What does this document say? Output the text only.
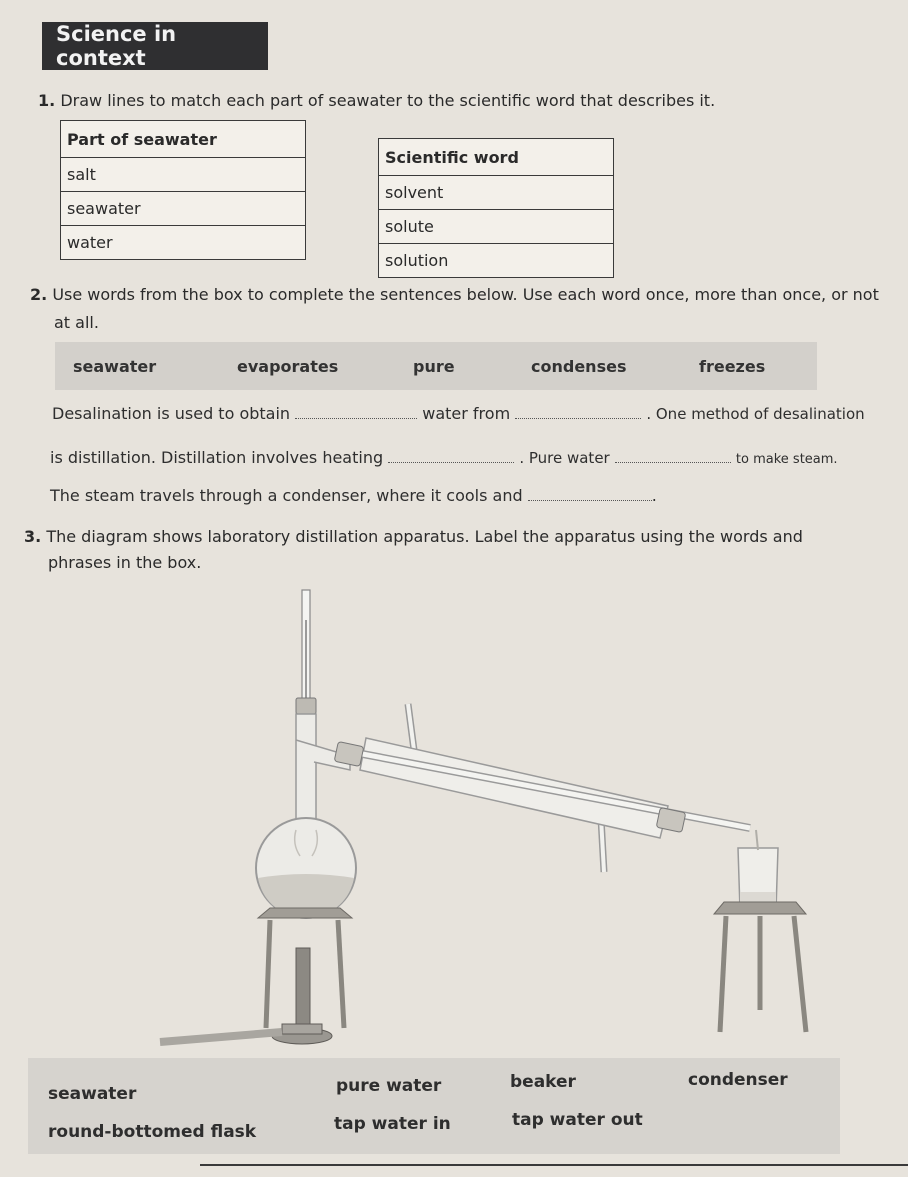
Science in context
1. Draw lines to match each part of seawater to the scientific word that describes it.
Part of seawater
salt
seawater
water
Scientific word
solvent
solute
solution
2. Use words from the box to complete the sentences below. Use each word once, more than once, or not
at all.
seawater	evaporates	pure	condenses	freezes
Desalination is used to obtain	water from	. One method of desalination
is distillation. Distillation involves heating	. Pure water	to make steam.
The steam travels through a condenser, where it cools and	.
3. The diagram shows laboratory distillation apparatus. Label the apparatus using the words and
phrases in the box.
seawater	pure water	beaker	condenser
round-bottomed flask	tap water in	tap water out
